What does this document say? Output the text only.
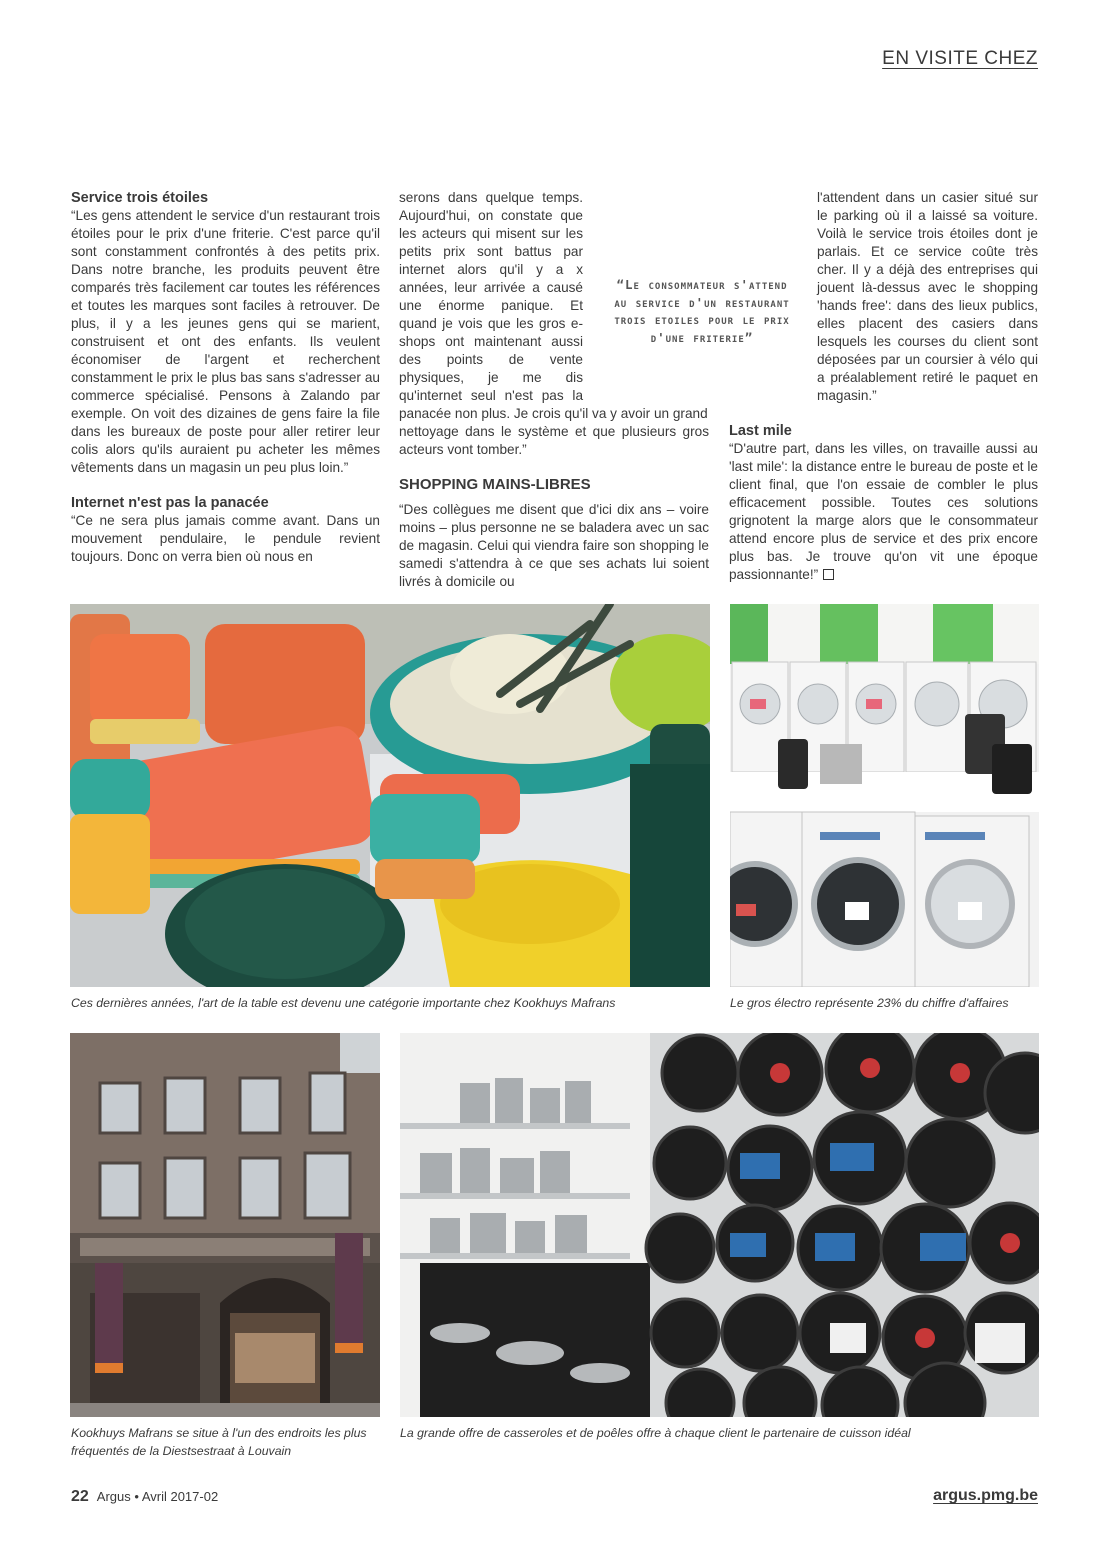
EN VISITE CHEZ
Service trois étoiles

“Les gens attendent le service d'un restaurant trois étoiles pour le prix d'une friterie. C'est parce qu'il sont constamment confrontés à des petits prix. Dans notre branche, les produits peuvent être comparés très facilement car toutes les références et toutes les marques sont faciles à retrouver. De plus, il y a les jeunes gens qui se marient, construisent et ont des enfants. Ils veulent économiser de l'argent et recherchent constamment le prix le plus bas sans s'adresser au commerce spécialisé. Pensons à Zalando par exemple. On voit des dizaines de gens faire la file dans les bureaux de poste pour aller retirer leur colis alors qu'ils auraient pu acheter les mêmes vêtements dans un magasin un peu plus loin.”

Internet n'est pas la panacée

“Ce ne sera plus jamais comme avant. Dans un mouvement pendulaire, le pendule revient toujours. Donc on verra bien où nous en

serons dans quelque temps. Aujourd'hui, on constate que les acteurs qui misent sur les petits prix sont battus par internet alors qu'il y a x années, leur arrivée a causé une énorme panique. Et quand je vois que les gros e-shops ont maintenant aussi des points de vente physiques, je me dis qu'internet seul n'est pas la panacée non plus. Je crois qu'il va y avoir un grand

nettoyage dans le système et que plusieurs gros acteurs vont tomber.”

SHOPPING MAINS-LIBRES

“Des collègues me disent que d'ici dix ans – voire moins – plus personne ne se baladera avec un sac de magasin. Celui qui viendra faire son shopping le samedi s'attendra à ce que ses achats lui soient livrés à domicile ou

l'attendent dans un casier situé sur le parking où il a laissé sa voiture. Voilà le service trois étoiles dont je parlais. Et ce service coûte très

cher. Il y a déjà des entreprises qui jouent là-dessus avec le shopping 'hands free': dans des lieux publics, elles placent des casiers dans lesquels les courses du client sont déposées par un coursier à vélo qui a préalablement retiré le paquet en magasin.”

Last mile

“D'autre part, dans les villes, on travaille aussi au 'last mile': la distance entre le bureau de poste et le client final, que l'on essaie de combler le plus efficacement possible. Toutes ces solutions grignotent la marge alors que le consommateur attend encore plus de service et des prix encore plus bas. Je trouve qu'on vit une époque passionnante!”

“Le consommateur s'attend au service d'un restaurant trois etoiles pour le prix d'une friterie”
Ces dernières années, l'art de la table est devenu une catégorie importante chez Kookhuys Mafrans	Le gros électro représente 23% du chiffre d'affaires
Kookhuys Mafrans se situe à l'un des endroits les plus fréquentés de la Diestsestraat à Louvain
La grande offre de casseroles et de poêles offre à chaque client le partenaire de cuisson idéal
22 Argus • Avril 2017-02	argus.pmg.be
